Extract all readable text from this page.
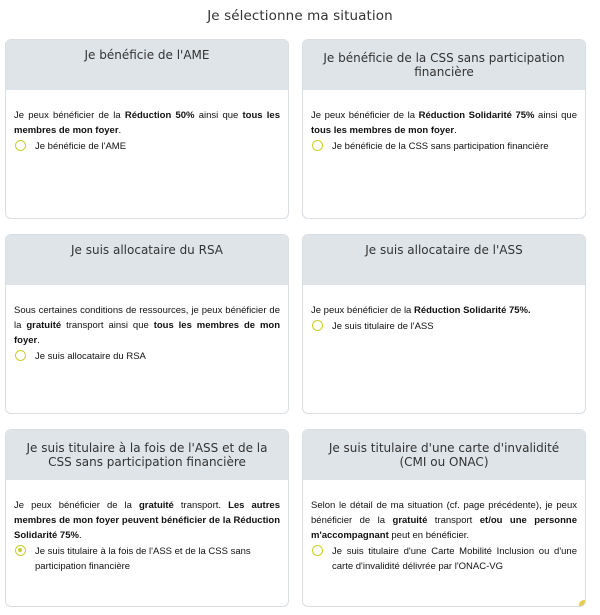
Je sélectionne ma situation
Je bénéficie de l'AME

Je peux bénéficier de la Réduction 50% ainsi que tous les membres de mon foyer.

Je bénéficie de l'AME
Je bénéficie de la CSS sans participation financière

Je peux bénéficier de la Réduction Solidarité 75% ainsi que tous les membres de mon foyer.

Je bénéficie de la CSS sans participation financière
Je suis allocataire du RSA

Sous certaines conditions de ressources, je peux bénéficier de la gratuité transport ainsi que tous les membres de mon foyer.

Je suis allocataire du RSA
Je suis allocataire de l'ASS

Je peux bénéficier de la Réduction Solidarité 75%.

Je suis titulaire de l'ASS
Je suis titulaire à la fois de l'ASS et de la CSS sans participation financière

Je peux bénéficier de la gratuité transport. Les autres membres de mon foyer peuvent bénéficier de la Réduction Solidarité 75%.

Je suis titulaire à la fois de l'ASS et de la CSS sans participation financière
Je suis titulaire d'une carte d'invalidité (CMI ou ONAC)

Selon le détail de ma situation (cf. page précédente), je peux bénéficier de la gratuité transport et/ou une personne m'accompagnant peut en bénéficier.

Je suis titulaire d'une Carte Mobilité Inclusion ou d'une carte d'invalidité délivrée par l'ONAC-VG
